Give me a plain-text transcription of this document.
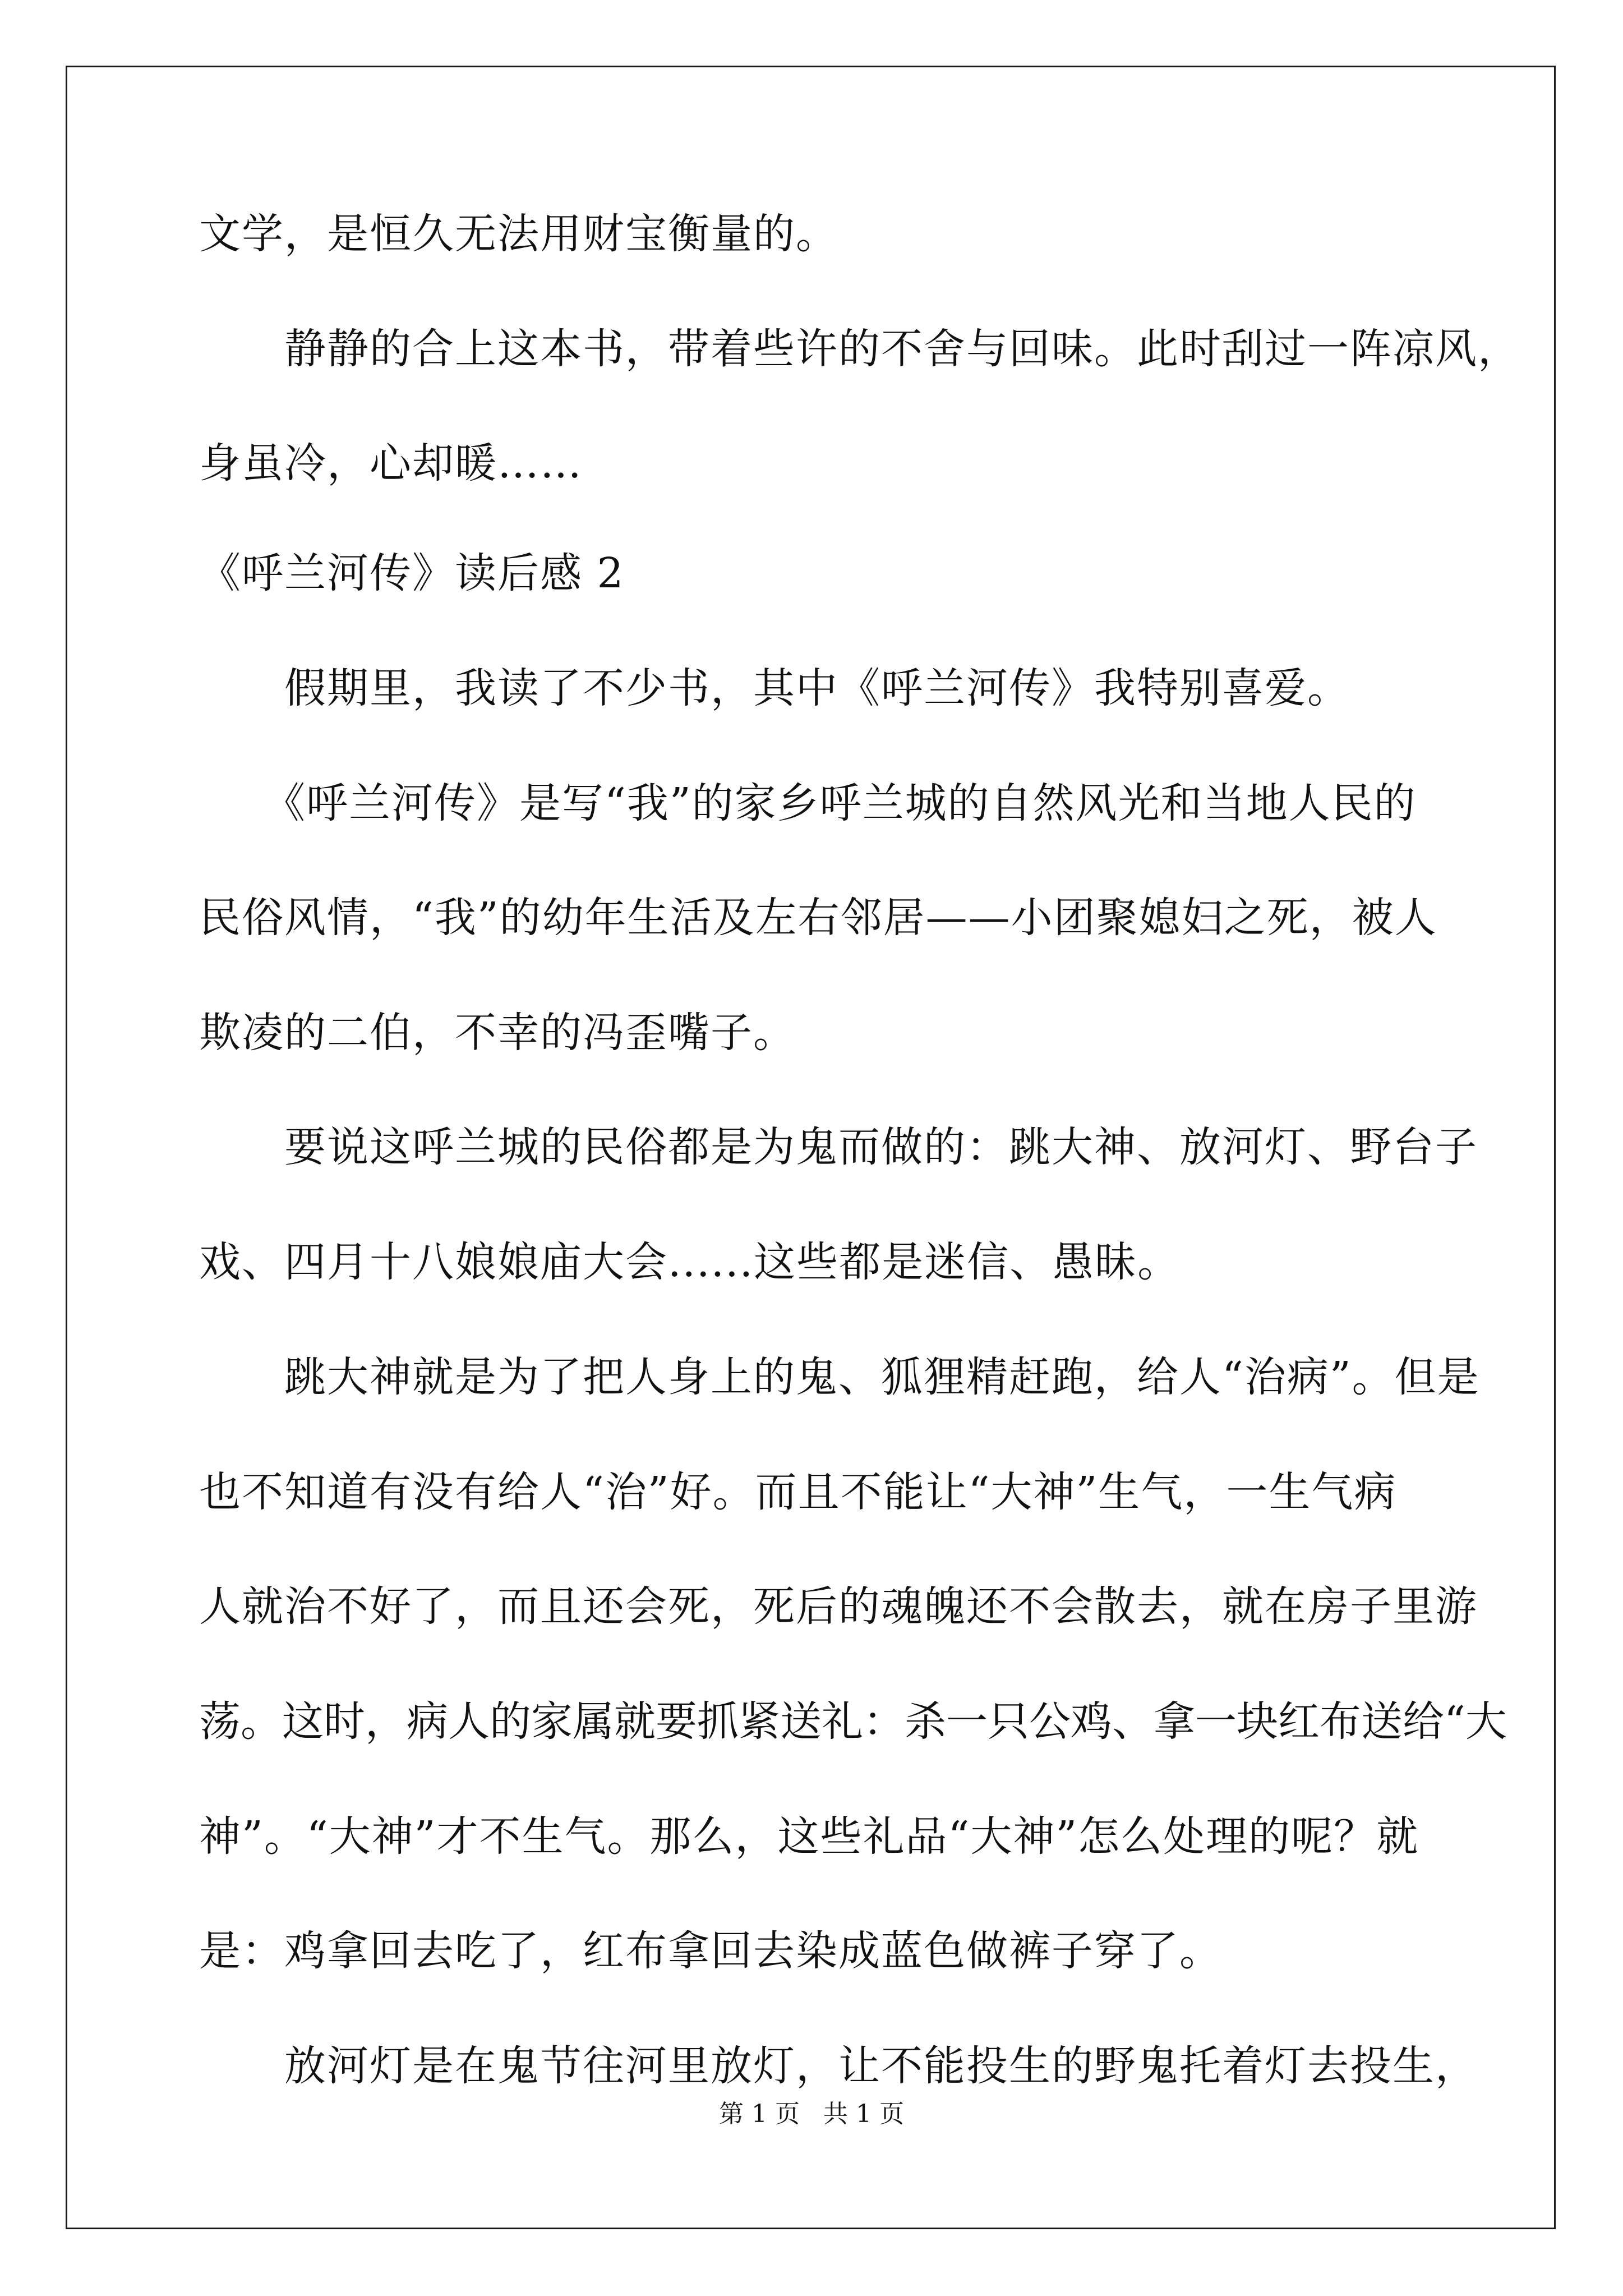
文学，是恒久无法用财宝衡量的。

　　静静的合上这本书，带着些许的不舍与回味。此时刮过一阵凉风，

身虽冷，心却暖……

《呼兰河传》读后感 2

　　假期里，我读了不少书，其中《呼兰河传》我特别喜爱。

　　《呼兰河传》是写“我”的家乡呼兰城的自然风光和当地人民的

民俗风情，“我”的幼年生活及左右邻居——小团聚媳妇之死，被人

欺凌的二伯，不幸的冯歪嘴子。

　　要说这呼兰城的民俗都是为鬼而做的：跳大神、放河灯、野台子

戏、四月十八娘娘庙大会......这些都是迷信、愚昧。

　　跳大神就是为了把人身上的鬼、狐狸精赶跑，给人“治病”。但是

也不知道有没有给人“治”好。而且不能让“大神”生气，一生气病

人就治不好了，而且还会死，死后的魂魄还不会散去，就在房子里游

荡。这时，病人的家属就要抓紧送礼：杀一只公鸡、拿一块红布送给“大

神”。“大神”才不生气。那么，这些礼品“大神”怎么处理的呢？就

是：鸡拿回去吃了，红布拿回去染成蓝色做裤子穿了。

　　放河灯是在鬼节往河里放灯，让不能投生的野鬼托着灯去投生，

第 1 页 共 1 页
